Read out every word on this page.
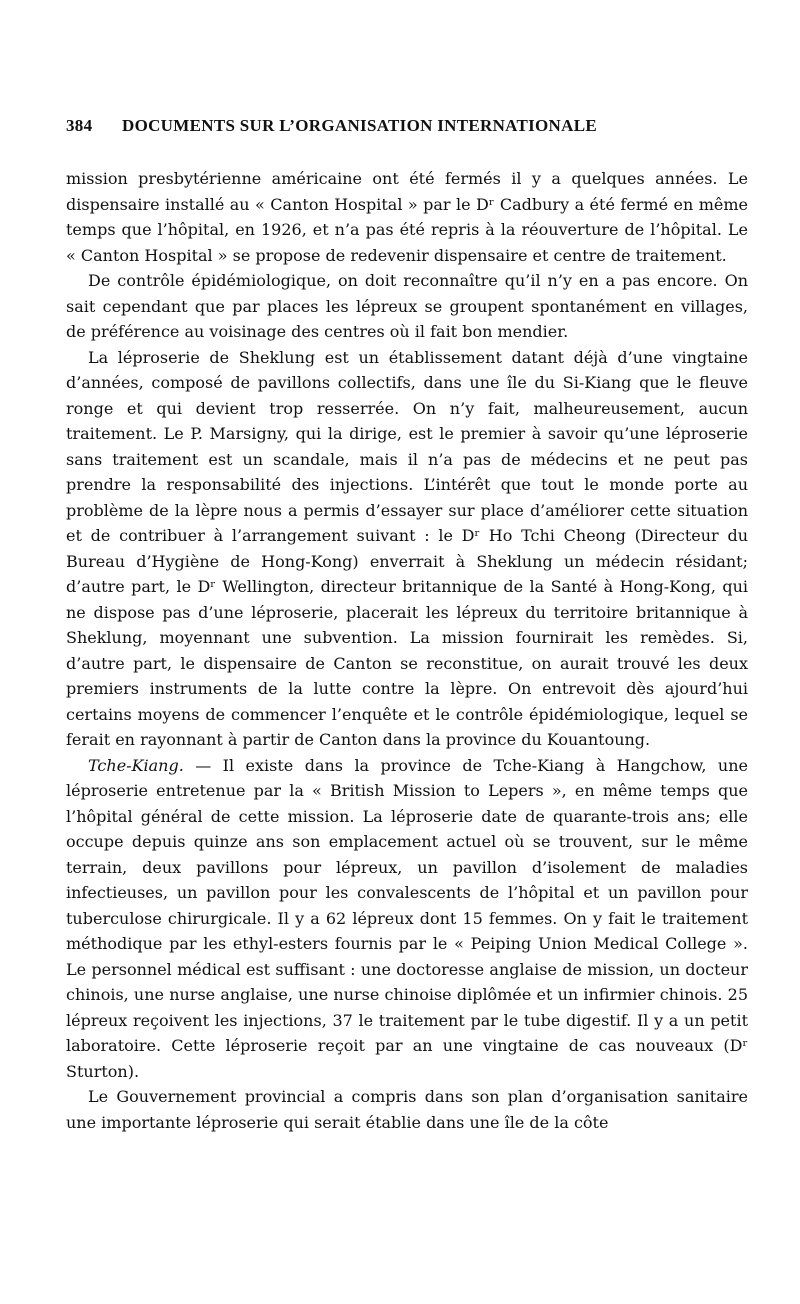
384 DOCUMENTS SUR L’ORGANISATION INTERNATIONALE

mission presbytérienne américaine ont été fermés il y a quelques années. Le dispensaire installé au « Canton Hospital » par le Dʳ Cadbury a été fermé en même temps que l’hôpital, en 1926, et n’a pas été repris à la réouverture de l’hôpital. Le « Canton Hospital » se propose de redevenir dispensaire et centre de traitement.

De contrôle épidémiologique, on doit reconnaître qu’il n’y en a pas encore. On sait cependant que par places les lépreux se groupent spontanément en villages, de préférence au voisinage des centres où il fait bon mendier.

La léproserie de Sheklung est un établissement datant déjà d’une vingtaine d’années, composé de pavillons collectifs, dans une île du Si-Kiang que le fleuve ronge et qui devient trop resserrée. On n’y fait, malheureusement, aucun traitement. Le P. Marsigny, qui la dirige, est le premier à savoir qu’une léproserie sans traitement est un scandale, mais il n’a pas de médecins et ne peut pas prendre la responsabilité des injections. L’intérêt que tout le monde porte au problème de la lèpre nous a permis d’essayer sur place d’améliorer cette situation et de contribuer à l’arrangement suivant : le Dʳ Ho Tchi Cheong (Directeur du Bureau d’Hygiène de Hong-Kong) enverrait à Sheklung un médecin résidant; d’autre part, le Dʳ Wellington, directeur britannique de la Santé à Hong-Kong, qui ne dispose pas d’une léproserie, placerait les lépreux du territoire britannique à Sheklung, moyennant une subvention. La mission fournirait les remèdes. Si, d’autre part, le dispensaire de Canton se reconstitue, on aurait trouvé les deux premiers instruments de la lutte contre la lèpre. On entrevoit dès ajourd’hui certains moyens de commencer l’enquête et le contrôle épidémiologique, lequel se ferait en rayonnant à partir de Canton dans la province du Kouantoung.

Tche-Kiang. — Il existe dans la province de Tche-Kiang à Hangchow, une léproserie entretenue par la « British Mission to Lepers », en même temps que l’hôpital général de cette mission. La léproserie date de quarante-trois ans; elle occupe depuis quinze ans son emplacement actuel où se trouvent, sur le même terrain, deux pavillons pour lépreux, un pavillon d’isolement de maladies infectieuses, un pavillon pour les convalescents de l’hôpital et un pavillon pour tuberculose chirurgicale. Il y a 62 lépreux dont 15 femmes. On y fait le traitement méthodique par les ethyl-esters fournis par le « Peiping Union Medical College ». Le personnel médical est suffisant : une doctoresse anglaise de mission, un docteur chinois, une nurse anglaise, une nurse chinoise diplômée et un infirmier chinois. 25 lépreux reçoivent les injections, 37 le traitement par le tube digestif. Il y a un petit laboratoire. Cette léproserie reçoit par an une vingtaine de cas nouveaux (Dʳ Sturton).

Le Gouvernement provincial a compris dans son plan d’organisation sanitaire une importante léproserie qui serait établie dans une île de la côte
